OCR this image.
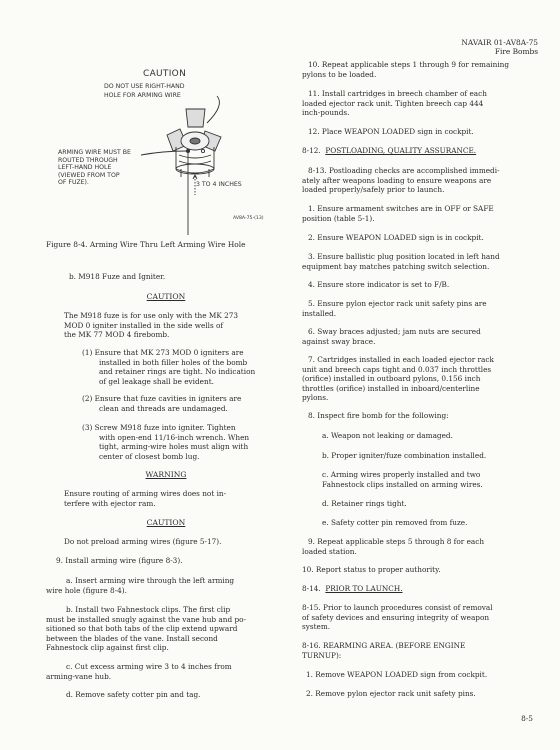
NAVAIR 01-AV8A-75
Fire Bombs
CAUTION
DO NOT USE RIGHT-HAND
HOLE FOR ARMING WIRE
ARMING WIRE MUST BE
ROUTED THROUGH
LEFT-HAND HOLE
(VIEWED FROM TOP
OF FUZE).	3 TO 4 INCHES
AV8A-75-(13)
Figure 8-4. Arming Wire Thru Left Arming Wire Hole
b. M918 Fuze and Igniter.
CAUTION
The M918 fuze is for use only with the MK 273
MOD 0 igniter installed in the side wells of
the MK 77 MOD 4 firebomb.
(1) Ensure that MK 273 MOD 0 igniters are
installed in both filler holes of the bomb
and retainer rings are tight. No indication
of gel leakage shall be evident.
(2) Ensure that fuze cavities in igniters are
clean and threads are undamaged.
(3) Screw M918 fuze into igniter. Tighten
with open-end 11/16-inch wrench. When
tight, arming-wire holes must align with
center of closest bomb lug.
WARNING
Ensure routing of arming wires does not in-
terfere with ejector ram.
CAUTION
Do not preload arming wires (figure 5-17).
9. Install arming wire (figure 8-3).
a. Insert arming wire through the left arming
wire hole (figure 8-4).
b. Install two Fahnestock clips. The first clip
must be installed snugly against the vane hub and po-
sitioned so that both tabs of the clip extend upward
between the blades of the vane. Install second
Fahnestock clip against first clip.
c. Cut excess arming wire 3 to 4 inches from
arming-vane hub.
d. Remove safety cotter pin and tag.
10. Repeat applicable steps 1 through 9 for remaining
pylons to be loaded.
11. Install cartridges in breech chamber of each
loaded ejector rack unit. Tighten breech cap 444
inch-pounds.
12. Place WEAPON LOADED sign in cockpit.
8-12. POSTLOADING, QUALITY ASSURANCE.
8-13. Postloading checks are accomplished immedi-
ately after weapons loading to ensure weapons are
loaded properly/safely prior to launch.
1. Ensure armament switches are in OFF or SAFE
position (table 5-1).
2. Ensure WEAPON LOADED sign is in cockpit.
3. Ensure ballistic plug position located in left hand
equipment bay matches patching switch selection.
4. Ensure store indicator is set to F/B.
5. Ensure pylon ejector rack unit safety pins are
installed.
6. Sway braces adjusted; jam nuts are secured
against sway brace.
7. Cartridges installed in each loaded ejector rack
unit and breech caps tight and 0.037 inch throttles
(orifice) installed in outboard pylons, 0.156 inch
throttles (orifice) installed in inboard/centerline
pylons.
8. Inspect fire bomb for the following:
a. Weapon not leaking or damaged.
b. Proper igniter/fuze combination installed.
c. Arming wires properly installed and two
Fahnestock clips installed on arming wires.
d. Retainer rings tight.
e. Safety cotter pin removed from fuze.
9. Repeat applicable steps 5 through 8 for each
loaded station.
10. Report status to proper authority.
8-14. PRIOR TO LAUNCH.
8-15. Prior to launch procedures consist of removal
of safety devices and ensuring integrity of weapon
system.
8-16. REARMING AREA. (BEFORE ENGINE
TURNUP):
1. Remove WEAPON LOADED sign from cockpit.
2. Remove pylon ejector rack unit safety pins.
8-5
